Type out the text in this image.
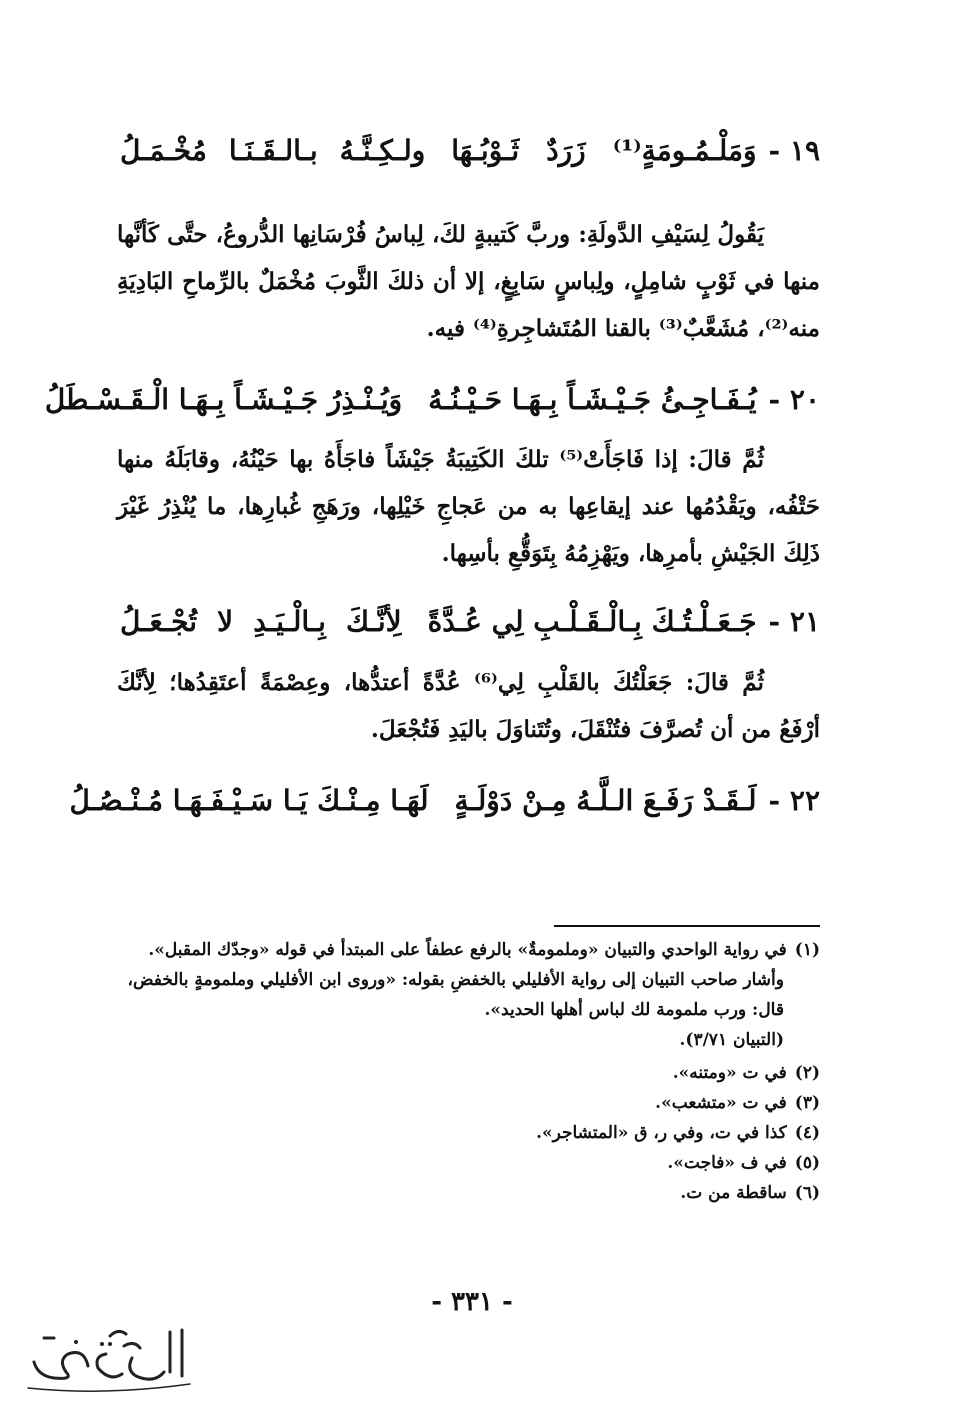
١٩ -
وَمَلْـمُـومَةٍ⁽¹⁾ زَرَدٌ ثَـوْبُـهَا
ولـكِـنَّـهُ بـالـقَـنَـا مُخْـمَـلُ

يَقُولُ لِسَيْفِ الدَّولَةِ: وربَّ كَتيبةٍ لكَ، لِباسُ فُرْسَانِها الدُّروعُ، حتَّى كَأنَّها منها في ثَوْبٍ شامِلٍ، ولِباسٍ سَابِغٍ، إلا أن ذلكَ الثَّوبَ مُخْمَلٌ بالرِّماحِ البَادِيَةِ منه⁽²⁾، مُشَعَّبٌ⁽³⁾ بالقنا المُتَشاجِرةِ⁽⁴⁾ فيه.

٢٠ -
يُـفَـاجِـئُ جَـيْـشَـاً بِـهَـا حَـيْـنُـهُ
وَيُـنْـذِرُ جَـيْـشَـاً بِـهَـا الْـقَـسْـطَلُ

ثُمَّ قالَ: إذا فَاجَأَتْ⁽⁵⁾ تلكَ الكَتِيبَةُ جَيْشَاً فاجَأَهُ بها حَيْنُهُ، وقابَلَهُ منها حَتْفُه، ويَقْدُمُها عند إيقاعِها به من عَجاجِ خَيْلِها، ورَهَجِ غُبارِها، ما يُنْذِرُ غَيْرَ ذَلِكَ الجَيْشِ بأمرِها، ويَهْزِمُهُ بِتَوَقُّعِ بأسِها.

٢١ -
جَـعَـلْـتُـكَ بِـالْـقَـلْـبِ لِي عُـدَّةً
لِأنَّـكَ بِـالْـيَـدِ لا تُجْـعَـلُ

ثُمَّ قالَ: جَعَلْتُكَ بالقَلْبِ لِي⁽⁶⁾ عُدَّةً أعتدُّها، وعِصْمَةً أعتَقِدُها؛ لِأنَّكَ أرْفَعُ من أن تُصرَّفَ فتُنْقَلَ، وتُتَناوَلَ باليَدِ فَتُجْعَلَ.

٢٢ -
لَـقَـدْ رَفَـعَ الـلَّـهُ مِـنْ دَوْلَـةٍ
لَهَـا مِـنْـكَ يَـا سَـيْـفَـهَـا مُـنْـصُـلُ
(١)في رواية الواحدي والتبيان «وملمومةٌ» بالرفع عطفاً على المبتدأ في قوله «وجدّك المقبل».
وأشار صاحب التبيان إلى رواية الأفليلي بالخفضِ بقوله: «وروى ابن الأفليلي وملمومةٍ بالخفض،
قال: ورب ملمومة لك لباس أهلها الحديد».
(التبيان ٣/٧١).
(٢)في ت «ومتنه».
(٣)في ت «متشعب».
(٤)كذا في ت، وفي ر، ق «المتشاجر».
(٥)في ف «فاجت».
(٦)ساقطة من ت.
- ٣٣١ -
